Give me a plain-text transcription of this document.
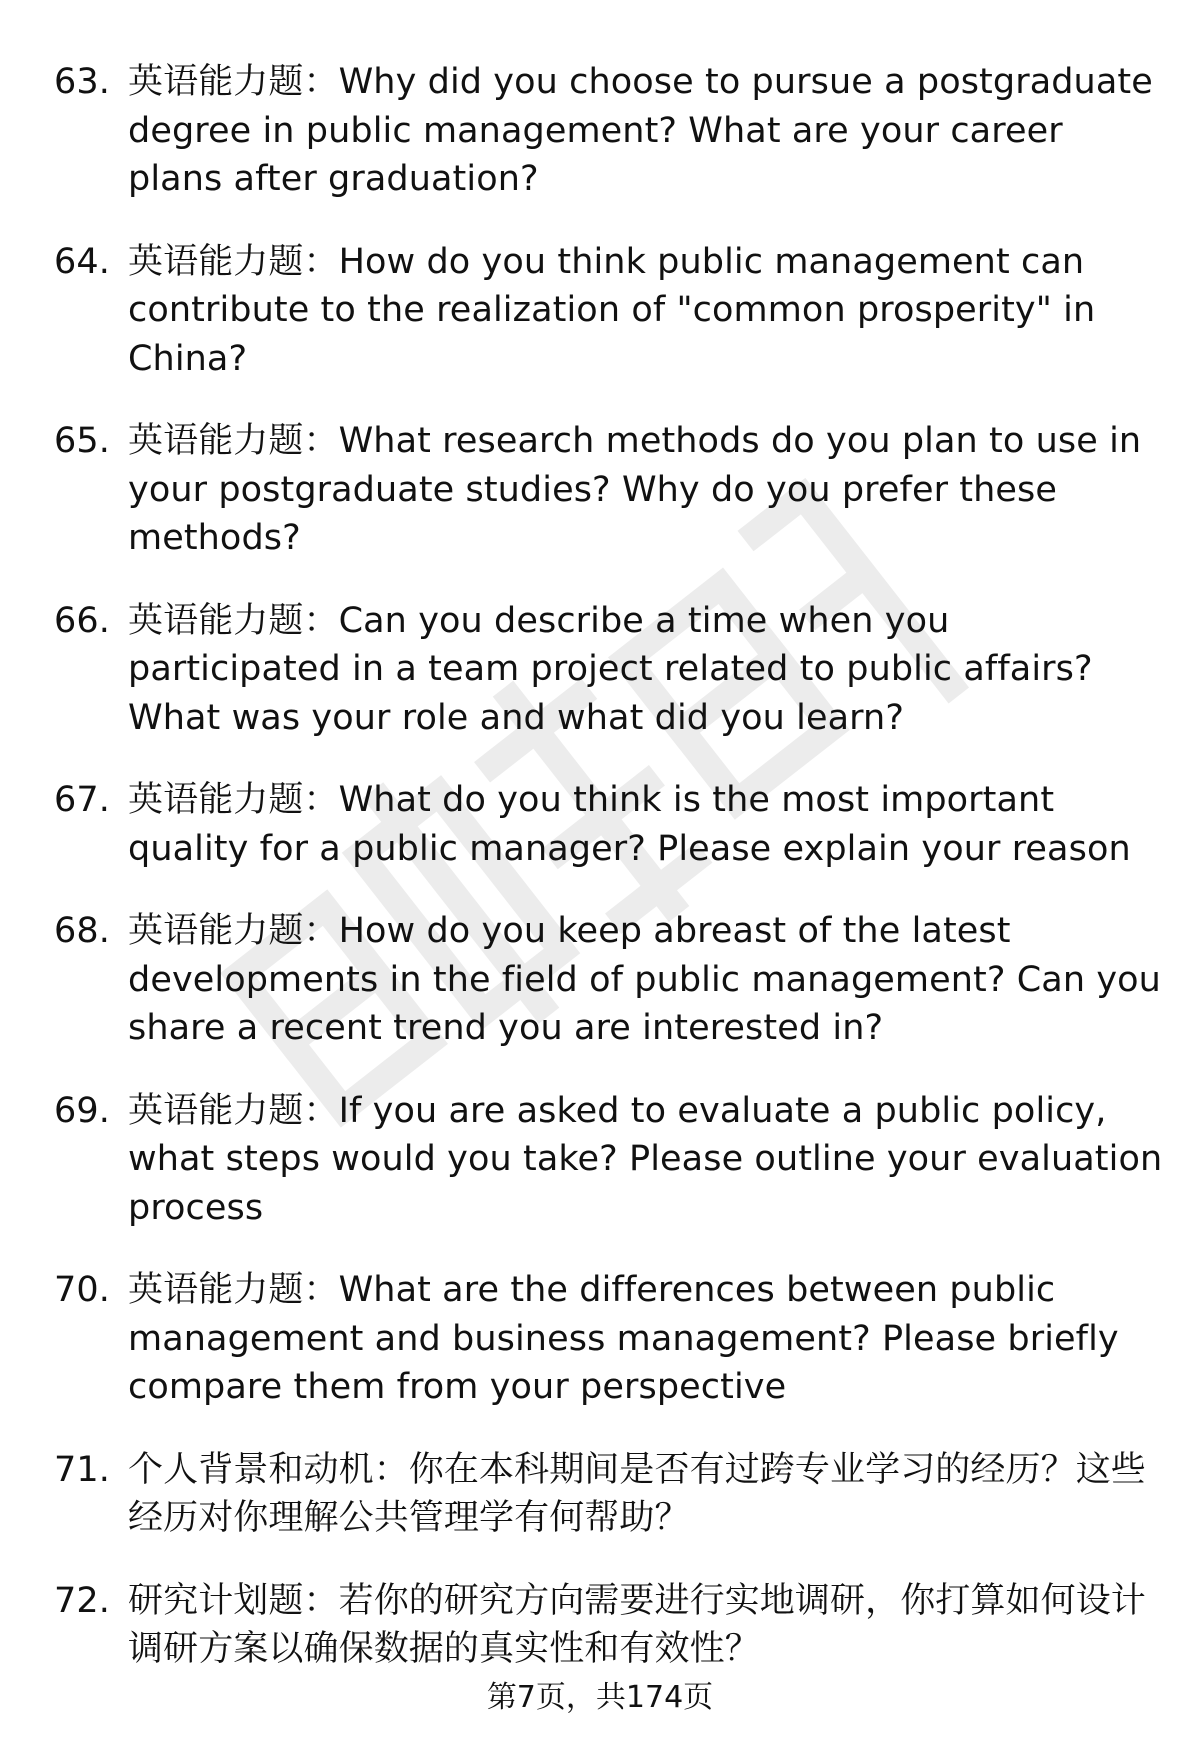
63. 英语能力题：Why did you choose to pursue a postgraduate degree in public management? What are your career plans after graduation?
64. 英语能力题：How do you think public management can contribute to the realization of "common prosperity" in China?
65. 英语能力题：What research methods do you plan to use in your postgraduate studies? Why do you prefer these methods?
66. 英语能力题：Can you describe a time when you participated in a team project related to public affairs? What was your role and what did you learn?
67. 英语能力题：What do you think is the most important quality for a public manager? Please explain your reason
68. 英语能力题：How do you keep abreast of the latest developments in the field of public management? Can you share a recent trend you are interested in?
69. 英语能力题：If you are asked to evaluate a public policy, what steps would you take? Please outline your evaluation process
70. 英语能力题：What are the differences between public management and business management? Please briefly compare them from your perspective
71. 个人背景和动机：你在本科期间是否有过跨专业学习的经历？这些经历对你理解公共管理学有何帮助？
72. 研究计划题：若你的研究方向需要进行实地调研，你打算如何设计调研方案以确保数据的真实性和有效性？
第7页，共174页
